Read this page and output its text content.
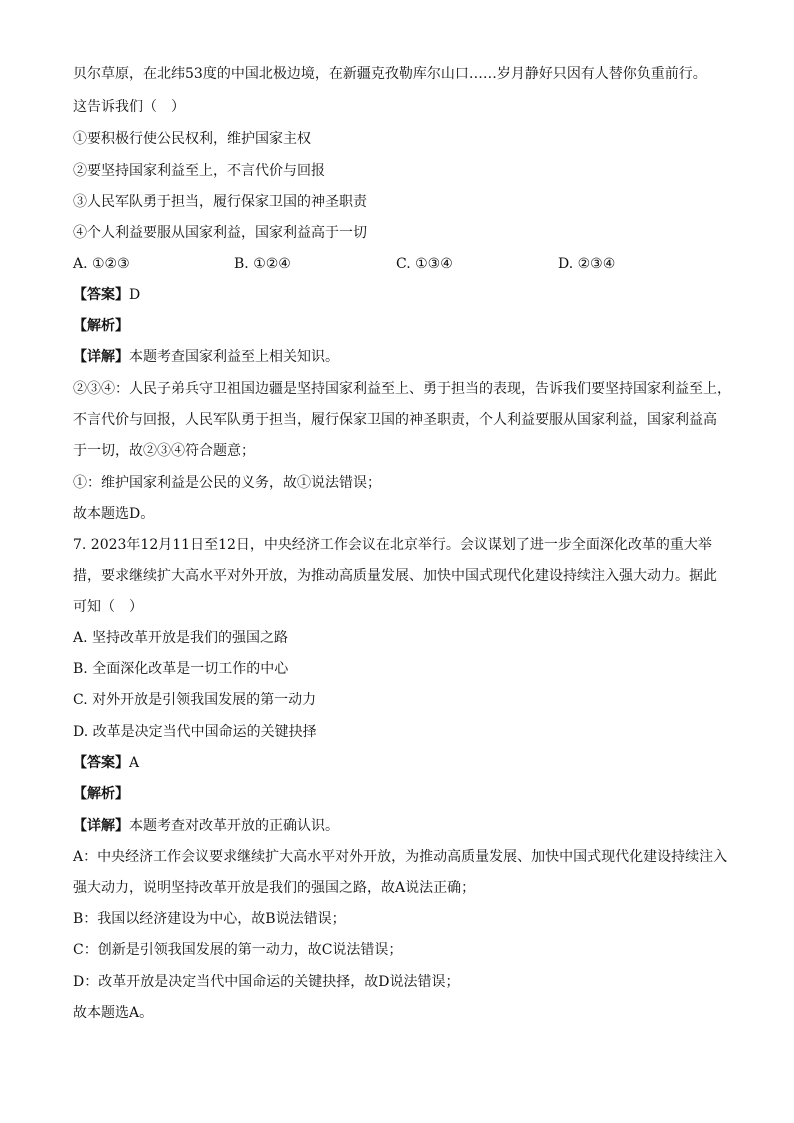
贝尔草原，在北纬53度的中国北极边境，在新疆克孜勒库尔山口……岁月静好只因有人替你负重前行。
这告诉我们（　）
①要积极行使公民权利，维护国家主权
②要坚持国家利益至上，不言代价与回报
③人民军队勇于担当，履行保家卫国的神圣职责
④个人利益要服从国家利益，国家利益高于一切
A. ①②③	B. ①②④	C. ①③④	D. ②③④
【答案】D
【解析】
【详解】本题考查国家利益至上相关知识。
②③④：人民子弟兵守卫祖国边疆是坚持国家利益至上、勇于担当的表现，告诉我们要坚持国家利益至上，
不言代价与回报，人民军队勇于担当，履行保家卫国的神圣职责，个人利益要服从国家利益，国家利益高
于一切，故②③④符合题意；
①：维护国家利益是公民的义务，故①说法错误；
故本题选D。
7. 2023年12月11日至12日，中央经济工作会议在北京举行。会议谋划了进一步全面深化改革的重大举
措，要求继续扩大高水平对外开放，为推动高质量发展、加快中国式现代化建设持续注入强大动力。据此
可知（　）
A. 坚持改革开放是我们的强国之路
B. 全面深化改革是一切工作的中心
C. 对外开放是引领我国发展的第一动力
D. 改革是决定当代中国命运的关键抉择
【答案】A
【解析】
【详解】本题考查对改革开放的正确认识。
A：中央经济工作会议要求继续扩大高水平对外开放，为推动高质量发展、加快中国式现代化建设持续注入
强大动力，说明坚持改革开放是我们的强国之路，故A说法正确；
B：我国以经济建设为中心，故B说法错误；
C：创新是引领我国发展的第一动力，故C说法错误；
D：改革开放是决定当代中国命运的关键抉择，故D说法错误；
故本题选A。
